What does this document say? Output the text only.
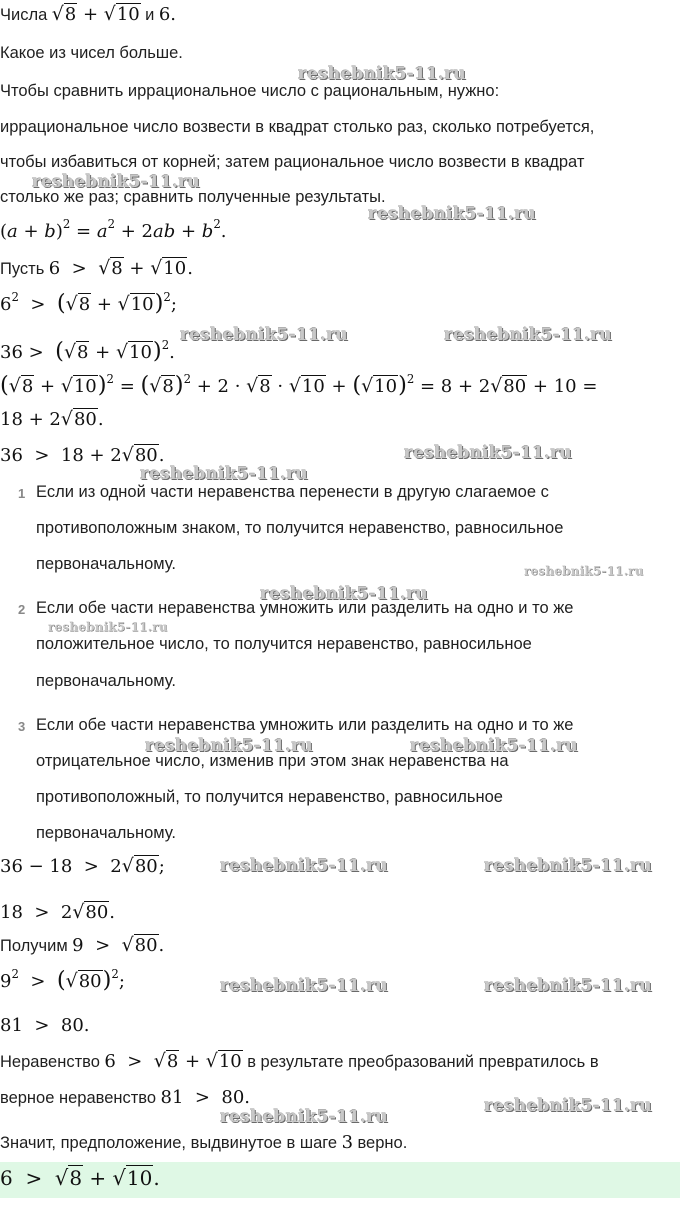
Числа √8 + √10 и 6.
Какое из чисел больше.
Чтобы сравнить иррациональное число с рациональным, нужно:
иррациональное число возвести в квадрат столько раз, сколько потребуется,
чтобы избавиться от корней; затем рациональное число возвести в квадрат
столько же раз; сравнить полученные результаты.
$(a + b)^2 = a^2 + 2ab + b^2$.
Пусть 6  >  √8 + √10.
$6^2 > (√8 + √10)^2$;
$36 > (√8 + √10)^2$.
$(√8 + √10)^2 = (√8)^2 + 2 \cdot √8 \cdot √10 + (√10)^2 = 8 + 2√80 + 10$ =
18 + 2√80.
36  >  18 + 2√80.
1 Если из одной части неравенства перенести в другую слагаемое с
противоположным знаком, то получится неравенство, равносильное
первоначальному.
2 Если обе части неравенства умножить или разделить на одно и то же
положительное число, то получится неравенство, равносильное
первоначальному.
3 Если обе части неравенства умножить или разделить на одно и то же
отрицательное число, изменив при этом знак неравенства на
противоположный, то получится неравенство, равносильное
первоначальному.
36 − 18  >  2√80;
18  >  2√80.
Получим 9  >  √80.
$9^2 > (√80)^2$;
81  >  80.
Неравенство 6  >  √8 + √10 в результате преобразований превратилось в
верное неравенство 81  >  80.
Значит, предположение, выдвинутое в шаге 3 верно.
6  >  √8 + √10.
reshebnik5-11.ru
reshebnik5-11.ru
reshebnik5-11.ru
reshebnik5-11.ru	reshebnik5-11.ru
reshebnik5-11.ru
reshebnik5-11.ru
reshebnik5-11.ru
reshebnik5-11.ru
reshebnik5-11.ru
reshebnik5-11.ru	reshebnik5-11.ru
reshebnik5-11.ru	reshebnik5-11.ru
reshebnik5-11.ru	reshebnik5-11.ru
reshebnik5-11.ru
reshebnik5-11.ru
